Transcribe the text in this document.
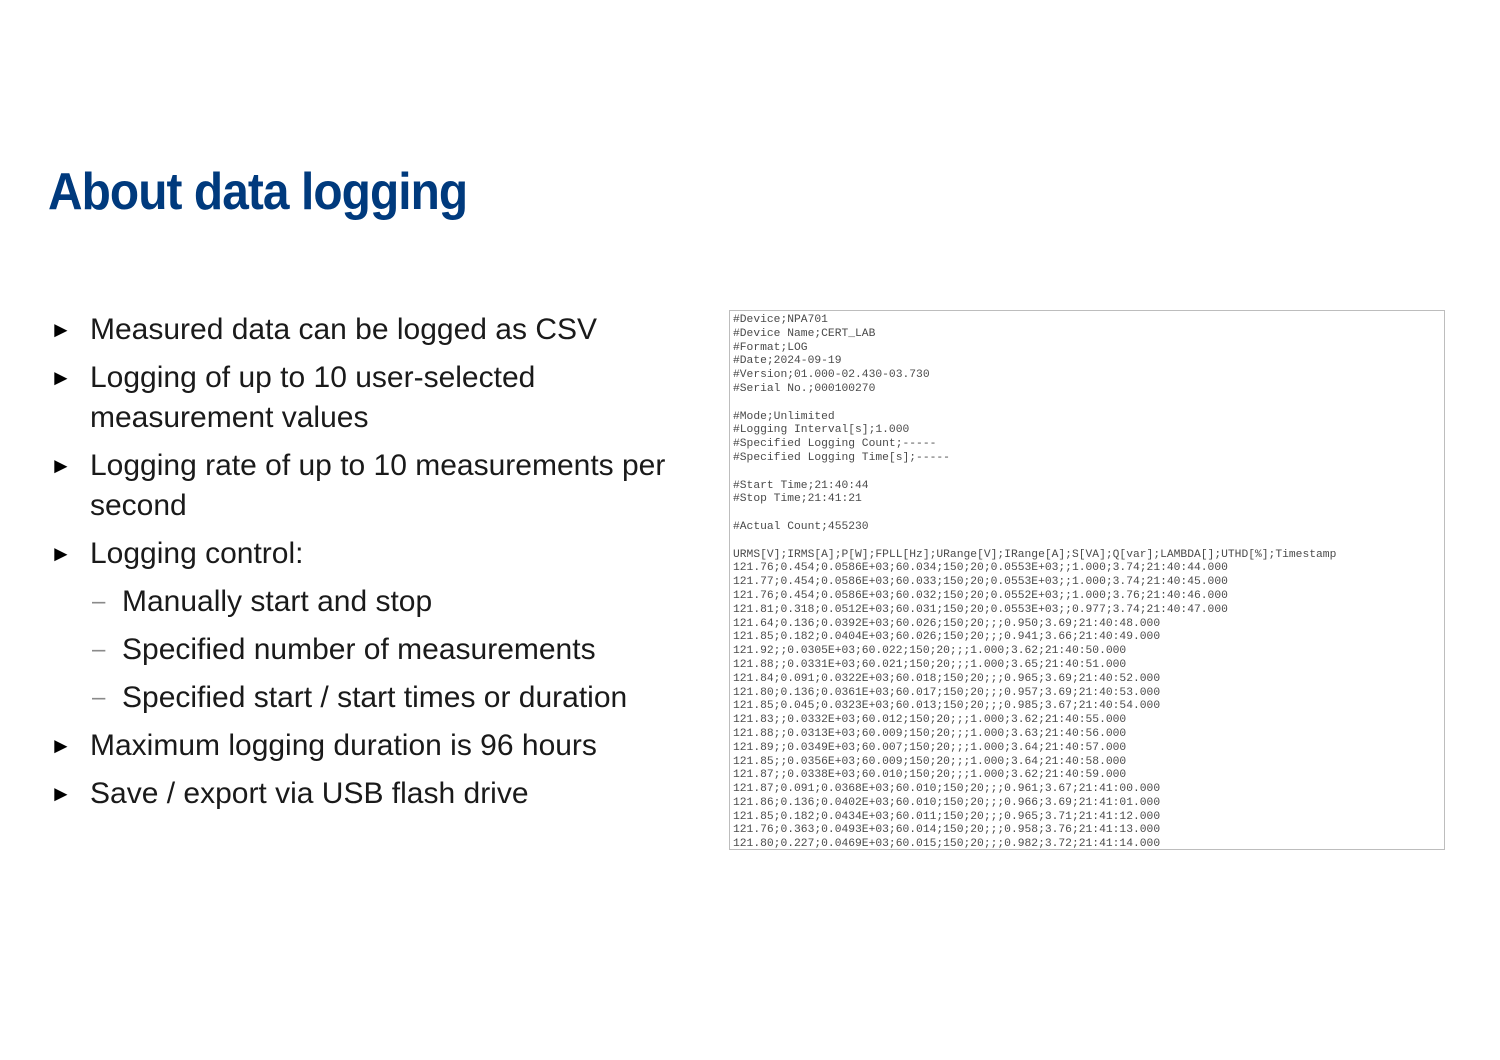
About data logging
► Measured data can be logged as CSV
► Logging of up to 10 user-selected measurement values
► Logging rate of up to 10 measurements per second
► Logging control:
– Manually start and stop
– Specified number of measurements
– Specified start / start times or duration
► Maximum logging duration is 96 hours
► Save / export via USB flash drive
#Device;NPA701
#Device Name;CERT_LAB
#Format;LOG
#Date;2024-09-19
#Version;01.000-02.430-03.730
#Serial No.;000100270
#Mode;Unlimited
#Logging Interval[s];1.000
#Specified Logging Count;-----
#Specified Logging Time[s];-----
#Start Time;21:40:44
#Stop Time;21:41:21
#Actual Count;455230
URMS[V];IRMS[A];P[W];FPLL[Hz];URange[V];IRange[A];S[VA];Q[var];LAMBDA[];UTHD[%];Timestamp
121.76;0.454;0.0586E+03;60.034;150;20;0.0553E+03;;1.000;3.74;21:40:44.000
121.77;0.454;0.0586E+03;60.033;150;20;0.0553E+03;;1.000;3.74;21:40:45.000
121.76;0.454;0.0586E+03;60.032;150;20;0.0552E+03;;1.000;3.76;21:40:46.000
121.81;0.318;0.0512E+03;60.031;150;20;0.0553E+03;;0.977;3.74;21:40:47.000
121.64;0.136;0.0392E+03;60.026;150;20;;;0.950;3.69;21:40:48.000
121.85;0.182;0.0404E+03;60.026;150;20;;;0.941;3.66;21:40:49.000
121.92;;0.0305E+03;60.022;150;20;;;1.000;3.62;21:40:50.000
121.88;;0.0331E+03;60.021;150;20;;;1.000;3.65;21:40:51.000
121.84;0.091;0.0322E+03;60.018;150;20;;;0.965;3.69;21:40:52.000
121.80;0.136;0.0361E+03;60.017;150;20;;;0.957;3.69;21:40:53.000
121.85;0.045;0.0323E+03;60.013;150;20;;;0.985;3.67;21:40:54.000
121.83;;0.0332E+03;60.012;150;20;;;1.000;3.62;21:40:55.000
121.88;;0.0313E+03;60.009;150;20;;;1.000;3.63;21:40:56.000
121.89;;0.0349E+03;60.007;150;20;;;1.000;3.64;21:40:57.000
121.85;;0.0356E+03;60.009;150;20;;;1.000;3.64;21:40:58.000
121.87;;0.0338E+03;60.010;150;20;;;1.000;3.62;21:40:59.000
121.87;0.091;0.0368E+03;60.010;150;20;;;0.961;3.67;21:41:00.000
121.86;0.136;0.0402E+03;60.010;150;20;;;0.966;3.69;21:41:01.000
121.85;0.182;0.0434E+03;60.011;150;20;;;0.965;3.71;21:41:12.000
121.76;0.363;0.0493E+03;60.014;150;20;;;0.958;3.76;21:41:13.000
121.80;0.227;0.0469E+03;60.015;150;20;;;0.982;3.72;21:41:14.000
